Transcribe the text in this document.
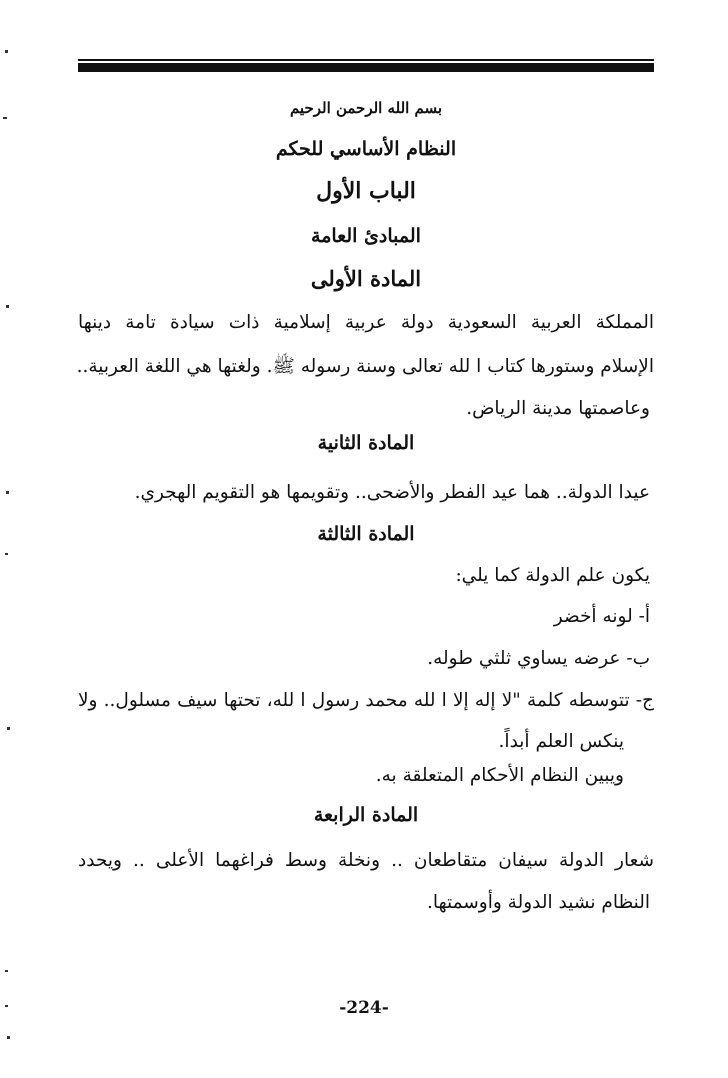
بسم الله الرحمن الرحيم
النظام الأساسي للحكم
الباب الأول
المبادئ العامة
المادة الأولى
المملكة العربية السعودية دولة عربية إسلامية ذات سيادة تامة دينها
الإسلام وستورها كتاب ا لله تعالى وسنة رسوله ﷺ. ولغتها هي اللغة العربية..
وعاصمتها مدينة الرياض.
المادة الثانية
عيدا الدولة.. هما عيد الفطر والأضحى.. وتقويمها هو التقويم الهجري.
المادة الثالثة
يكون علم الدولة كما يلي:
أ- لونه أخضر
ب- عرضه يساوي ثلثي طوله.
ج- تتوسطه كلمة "لا إله إلا ا لله محمد رسول ا لله، تحتها سيف مسلول.. ولا
ينكس العلم أبداً.
ويبين النظام الأحكام المتعلقة به.
المادة الرابعة
شعار الدولة سيفان متقاطعان .. ونخلة وسط فراغهما الأعلى .. ويحدد
النظام نشيد الدولة وأوسمتها.
-224-
